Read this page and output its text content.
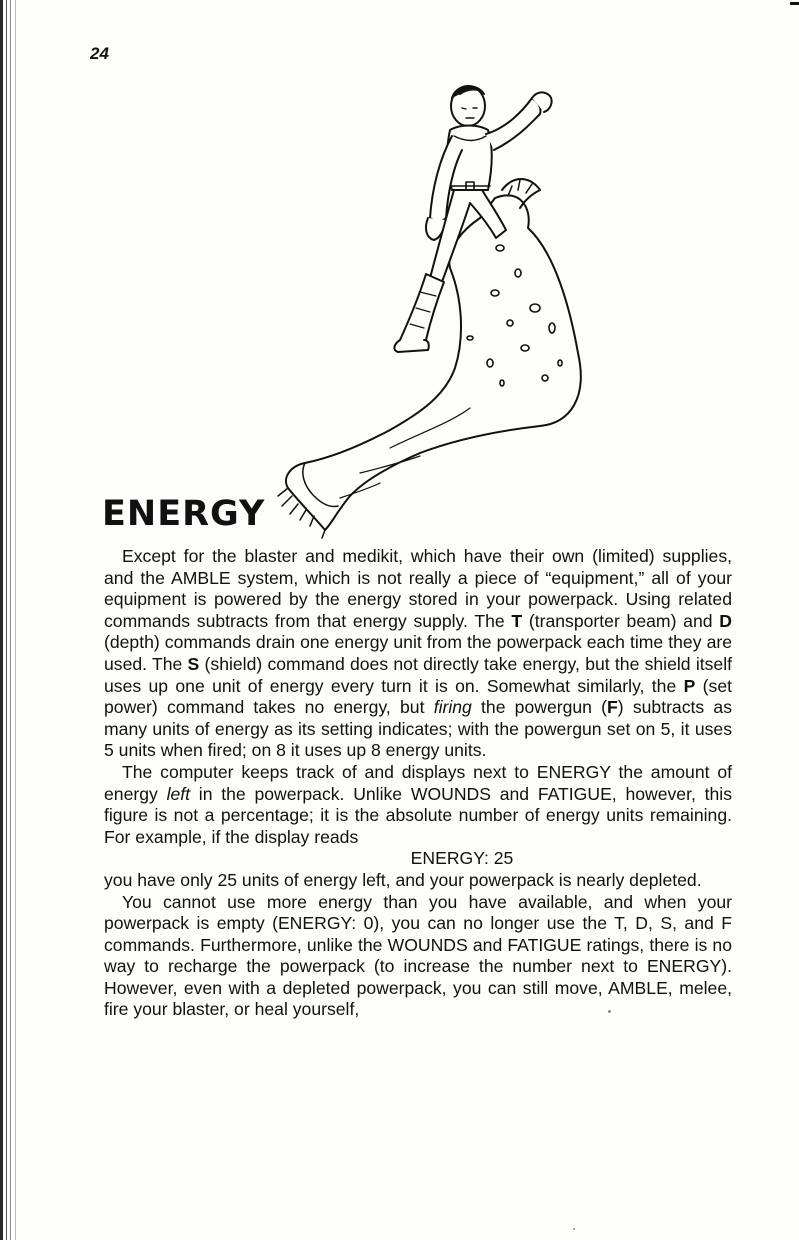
24
ENERGY

Except for the blaster and medikit, which have their own (limited) supplies, and the AMBLE system, which is not really a piece of “equipment,” all of your equipment is powered by the energy stored in your powerpack. Using related commands subtracts from that energy supply. The T (transporter beam) and D (depth) commands drain one energy unit from the powerpack each time they are used. The S (shield) command does not directly take energy, but the shield itself uses up one unit of energy every turn it is on. Somewhat similarly, the P (set power) command takes no energy, but firing the powergun (F) subtracts as many units of energy as its setting indicates; with the powergun set on 5, it uses 5 units when fired; on 8 it uses up 8 energy units.

The computer keeps track of and displays next to ENERGY the amount of energy left in the powerpack. Unlike WOUNDS and FATIGUE, however, this figure is not a percentage; it is the absolute number of energy units remaining. For example, if the display reads

ENERGY: 25

you have only 25 units of energy left, and your powerpack is nearly depleted.

You cannot use more energy than you have available, and when your powerpack is empty (ENERGY: 0), you can no longer use the T, D, S, and F commands. Furthermore, unlike the WOUNDS and FATIGUE ratings, there is no way to recharge the powerpack (to increase the number next to ENERGY). However, even with a depleted powerpack, you can still move, AMBLE, melee, fire your blaster, or heal yourself,
